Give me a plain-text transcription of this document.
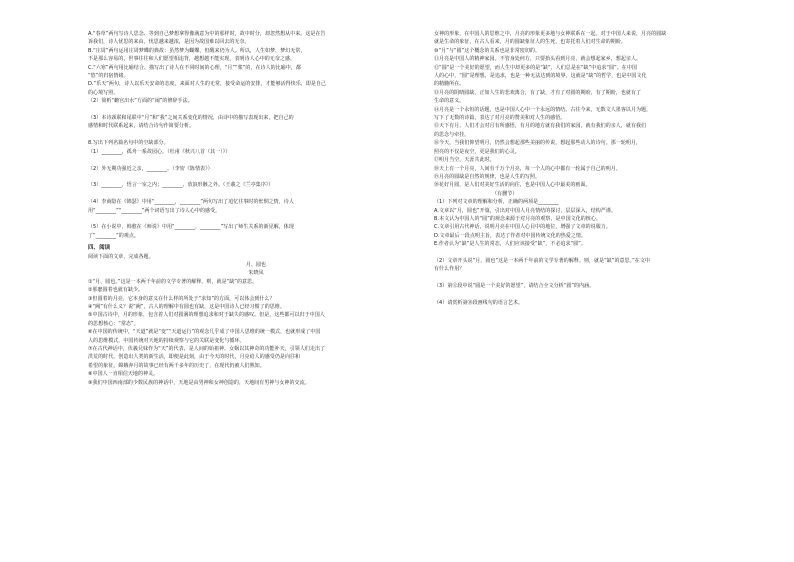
A.“春草”两句写诗人思念、等到自己梦想拿得像满意为中的那样时，故中时分，却忽然想从中来。这是在告

诉我们，诗人忧思的来由，忧思越来越浓，是因为故国难以回去的无奈。

B.“庄周”两句运用庄周梦蝶的典故：虽然梦为蝴蝶，但醒来仍为人。所以，人生如梦，梦幻无常，

不是那么容易的，世事往往和人们愿望相违背，越想越不能实现，表明诗人心中的无奈之感。

C.“六寒”两句用比喻结合、描写出了诗人在不同时间的心理，“月”“桨”的，在诗人的比喻中，都

“悠”的归宿情绪。

D.“乐天”两句，诗人以乐天安命的态度，来面对人生的无常，接受命运的安排，才能够活得快乐，即是自己

的心境写照。

（2）简析“蟾宫出水”方面的“闹”的修辞手法。

（3）本诗颈联和尾联中“月”和“我”之间关系变化的情况，由诗中的描写表现出来，把自己的

感情和时代联系起来，请结合诗句作简要分析。

8.写出下列名篇名句中的空缺部分。

（1）________，孤舟一系故园心。（杜甫《秋兴八首（其一）》）

（2）外无期功强近之亲，________。（李密《陈情表》）

（3）________，悟言一室之内；________，放浪形骸之外。（王羲之《兰亭集序》）

（4）李商隐在《锦瑟》中用“________，________”两句写出了追忆往事时的怅惘之情，诗人

用“________”“________”两个词语写出了诗人心中的感受。

（5）在小说中，韩愈在《师说》中用“________，________”写出了师生关系的新见解，体现

了“________”的观点。

四、阅读

阅读下面的文章，完成各题。

月、圆也

朱晓凤

①“月，圆也。”这是一本两千年前的文学专著的解释。则，就是“缺”的意思。

②那麽圆着也就有缺少。

③但圆着的月亮，它本身的意义在什么样的所处于“求知”的方面，可以体会到什么？

④“阙”有什么义？说“阙”，古人的理解中有圆也有缺，这是中国诗人已经习惯了的思维。

⑤中国古诗中，月的形象，包含着人们对圆满的理想追求和对于缺失的感叹。但是，这些都可以归于中国人

的思想核心：“常态”。

⑥在中国的传统中，“天道”就是“变”“天道运行”的观念几乎成了中国人思维的统一模式，也就形成了中国

人的思维模式，中国传统对天地的持续观察与它的关联是变化与循环。

⑦在古代神话中，伏羲兄妹作为“天”的代表，是人间的始祖神。女娲以其神奇的功能补天，引领人们走出了

洪荒的时代，创造出人类的新生活，即便是此刻，由于今天的时代，月亮给人的感受仍是向往和

希望的象征。嫦娥奔月的故事已经有两千多年的历史了，在现代仍被人们熟知。

⑧中国人一直相信天地的神灵。

⑨我们中国西南部的少数民族的神话中，天地是由男神和女神创造的，天地间有男神与女神的交流。

女神的形象，在中国人的思维之中，月亮的形象更多地与女神联系在一起。对于中国人来说，月亮的圆缺

就是生命的象征，在古人看来，月的圆缺象征人的生死，也寄托着人们对生命的期盼。

⑩“月”与“圆”这个概念的关系也是非常密切的。

⑪月亮是中国人的精神家园。不管身处何方，只要抬头看到月亮，就会想起家乡，想起亲人。

⑫“圆”是一个美好的愿望，而人生中却更多的是“缺”，人们总是在“缺”中追求“圆”。在中国

人的心中，“圆”是理想，是追求，也是一种无法达到的境界，这就是“缺”的哲学，也是中国文化

的精髓所在。

⑬月亮的阴晴圆缺，正如人生的悲欢离合，有了缺，才有了对圆的期盼，有了期盼，也就有了

生命的意义。

⑭月亮是一个永恒的话题，也是中国人心中一个永远的情结。古往今来，无数文人墨客以月为题，

写下了无数的诗篇，表达了对月亮的赞美和对人生的感悟。

⑮天下有月，人们才会对月有所感悟，有月的地方就有我们的家园，就有我们的亲人，就有我们

的思念与牵挂。

⑯今天，当我们仰望明月，仍然会想起那些美丽的传说，想起那些动人的诗句。那一轮明月，

照亮的不仅是夜空，更是我们的心灵。

⑰明月当空，天涯共此时。

⑱天上有一个月亮，人间有千万个月亮，每一个人的心中都有一轮属于自己的明月。

⑲月亮的圆缺是自然的规律，也是人生的写照。

⑳花好月圆，是人们对美好生活的向往，也是中国人心中最美的画面。

　　　　　　　　　　　　（有删节）

（1）下列对文章的理解和分析，正确的两项是________

A.文章以“月，圆也”开篇，引出对中国人月亮情结的探讨，层层深入，结构严谨。

B.本文认为中国人的“圆”的观念来源于对月亮的观察，是中国文化的核心。

C.文章引用古代神话，说明月亮在中国人心目中的地位，增强了文章的说服力。

D.文章最后一段点明主旨，表达了作者对中国传统文化的热爱之情。

E.作者认为“缺”是人生的常态，人们应该接受“缺”，不必追求“圆”。

（2）文章开头说“月，圆也”这是一本两千年前的文学专著的解释。则，就是“缺”的意思。”在文中

有什么作用？

（3）第⑫段中说“圆是一个美好的愿望”，请结合全文分析“圆”的内涵。

（4）请赏析第⑱段画线句的语言艺术。
